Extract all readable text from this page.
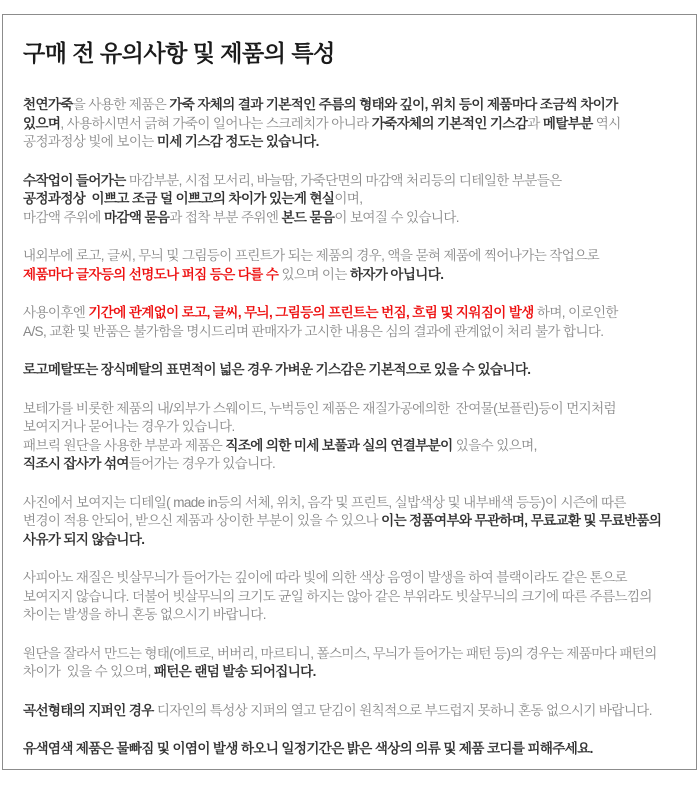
구매 전 유의사항 및 제품의 특성

천연가죽을 사용한 제품은 가죽 자체의 결과 기본적인 주름의 형태와 깊이, 위치 등이 제품마다 조금씩 차이가
있으며, 사용하시면서 긁혀 가죽이 일어나는 스크레치가 아니라 가죽자체의 기본적인 기스감과 메탈부분 역시
공정과정상 빛에 보이는 미세 기스감 정도는 있습니다.

수작업이 들어가는 마감부분, 시접 모서리, 바늘땀, 가죽단면의 마감액 처리등의 디테일한 부분들은
공정과정상  이쁘고 조금 덜 이쁘고의 차이가 있는게 현실이며,
마감액 주위에 마감액 묻음과 접착 부분 주위엔 본드 묻음이 보여질 수 있습니다.

내외부에 로고, 글씨, 무늬 및 그림등이 프린트가 되는 제품의 경우, 액을 묻혀 제품에 찍어나가는 작업으로
제품마다 글자등의 선명도나 퍼짐 등은 다를 수 있으며 이는 하자가 아닙니다.

사용이후엔 기간에 관계없이 로고, 글씨, 무늬, 그림등의 프린트는 번짐, 흐림 및 지워짐이 발생 하며, 이로인한
A/S, 교환 및 반품은 불가함을 명시드리며 판매자가 고시한 내용은 심의 결과에 관계없이 처리 불가 합니다.

로고메탈또는 장식메탈의 표면적이 넓은 경우 가벼운 기스감은 기본적으로 있을 수 있습니다.

보테가를 비롯한 제품의 내/외부가 스웨이드, 누벅등인 제품은 재질가공에의한  잔여물(보플린)등이 먼지처럼
보여지거나 묻어나는 경우가 있습니다.
패브릭 원단을 사용한 부분과 제품은 직조에 의한 미세 보풀과 실의 연결부분이 있을수 있으며,
직조시 잡사가 섞여들어가는 경우가 있습니다.

사진에서 보여지는 디테일( made in등의 서체, 위치, 음각 및 프린트, 실밥색상 및 내부배색 등등)이 시즌에 따른
변경이 적용 안되어, 받으신 제품과 상이한 부분이 있을 수 있으나 이는 정품여부와 무관하며, 무료교환 및 무료반품의
사유가 되지 않습니다.

사피아노 재질은 빗살무늬가 들어가는 깊이에 따라 빛에 의한 색상 음영이 발생을 하여 블랙이라도 같은 톤으로
보여지지 않습니다. 더불어 빗살무늬의 크기도 균일 하지는 않아 같은 부위라도 빗살무늬의 크기에 따른 주름느낌의
차이는 발생을 하니 혼동 없으시기 바랍니다.

원단을 잘라서 만드는 형태(에트로, 버버리, 마르티니, 폴스미스, 무늬가 들어가는 패턴 등)의 경우는 제품마다 패턴의
차이가  있을 수 있으며, 패턴은 랜덤 발송 되어집니다.

곡선형태의 지퍼인 경우 디자인의 특성상 지퍼의 열고 닫김이 원칙적으로 부드럽지 못하니 혼동 없으시기 바랍니다.

유색염색 제품은 물빠짐 및 이염이 발생 하오니 일정기간은 밝은 색상의 의류 및 제품 코디를 피해주세요.
